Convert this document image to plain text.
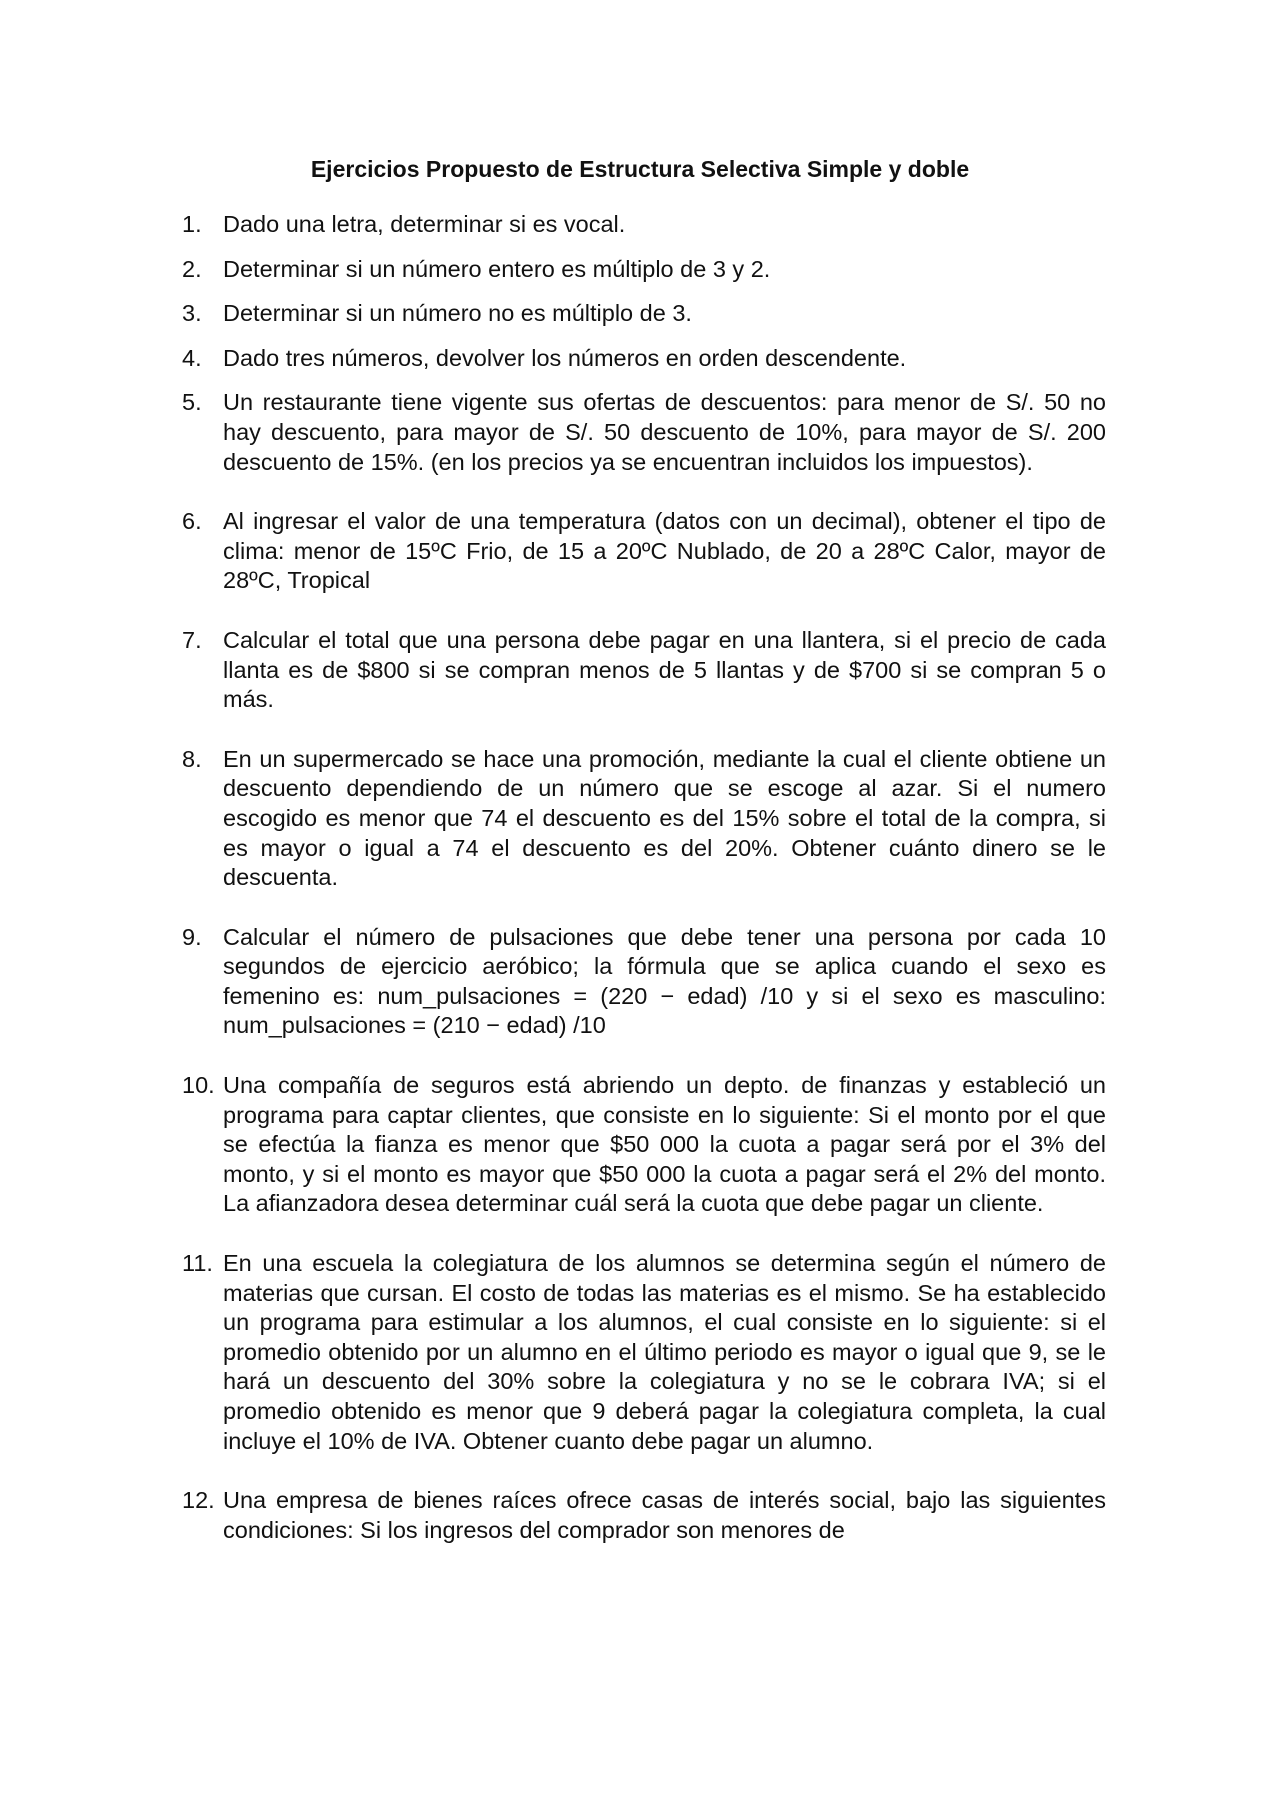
Ejercicios Propuesto de Estructura Selectiva Simple y doble
1. Dado una letra, determinar si es vocal.
2. Determinar si un número entero es múltiplo de 3 y 2.
3. Determinar si un número no es múltiplo de 3.
4. Dado tres números, devolver los números en orden descendente.
5. Un restaurante tiene vigente sus ofertas de descuentos: para menor de S/. 50 no hay descuento, para mayor de S/. 50 descuento de 10%, para mayor de S/. 200 descuento de 15%. (en los precios ya se encuentran incluidos los impuestos).
6. Al ingresar el valor de una temperatura (datos con un decimal), obtener el tipo de clima: menor de 15ºC Frio, de 15 a 20ºC Nublado, de 20 a 28ºC Calor, mayor de 28ºC, Tropical
7. Calcular el total que una persona debe pagar en una llantera, si el precio de cada llanta es de $800 si se compran menos de 5 llantas y de $700 si se compran 5 o más.
8. En un supermercado se hace una promoción, mediante la cual el cliente obtiene un descuento dependiendo de un número que se escoge al azar. Si el numero escogido es menor que 74 el descuento es del 15% sobre el total de la compra, si es mayor o igual a 74 el descuento es del 20%. Obtener cuánto dinero se le descuenta.
9. Calcular el número de pulsaciones que debe tener una persona por cada 10 segundos de ejercicio aeróbico; la fórmula que se aplica cuando el sexo es femenino es: num_pulsaciones = (220 − edad) /10 y si el sexo es masculino: num_pulsaciones = (210 − edad) /10
10. Una compañía de seguros está abriendo un depto. de finanzas y estableció un programa para captar clientes, que consiste en lo siguiente: Si el monto por el que se efectúa la fianza es menor que $50 000 la cuota a pagar será por el 3% del monto, y si el monto es mayor que $50 000 la cuota a pagar será el 2% del monto. La afianzadora desea determinar cuál será la cuota que debe pagar un cliente.
11. En una escuela la colegiatura de los alumnos se determina según el número de materias que cursan. El costo de todas las materias es el mismo. Se ha establecido un programa para estimular a los alumnos, el cual consiste en lo siguiente: si el promedio obtenido por un alumno en el último periodo es mayor o igual que 9, se le hará un descuento del 30% sobre la colegiatura y no se le cobrara IVA; si el promedio obtenido es menor que 9 deberá pagar la colegiatura completa, la cual incluye el 10% de IVA. Obtener cuanto debe pagar un alumno.
12. Una empresa de bienes raíces ofrece casas de interés social, bajo las siguientes condiciones: Si los ingresos del comprador son menores de
